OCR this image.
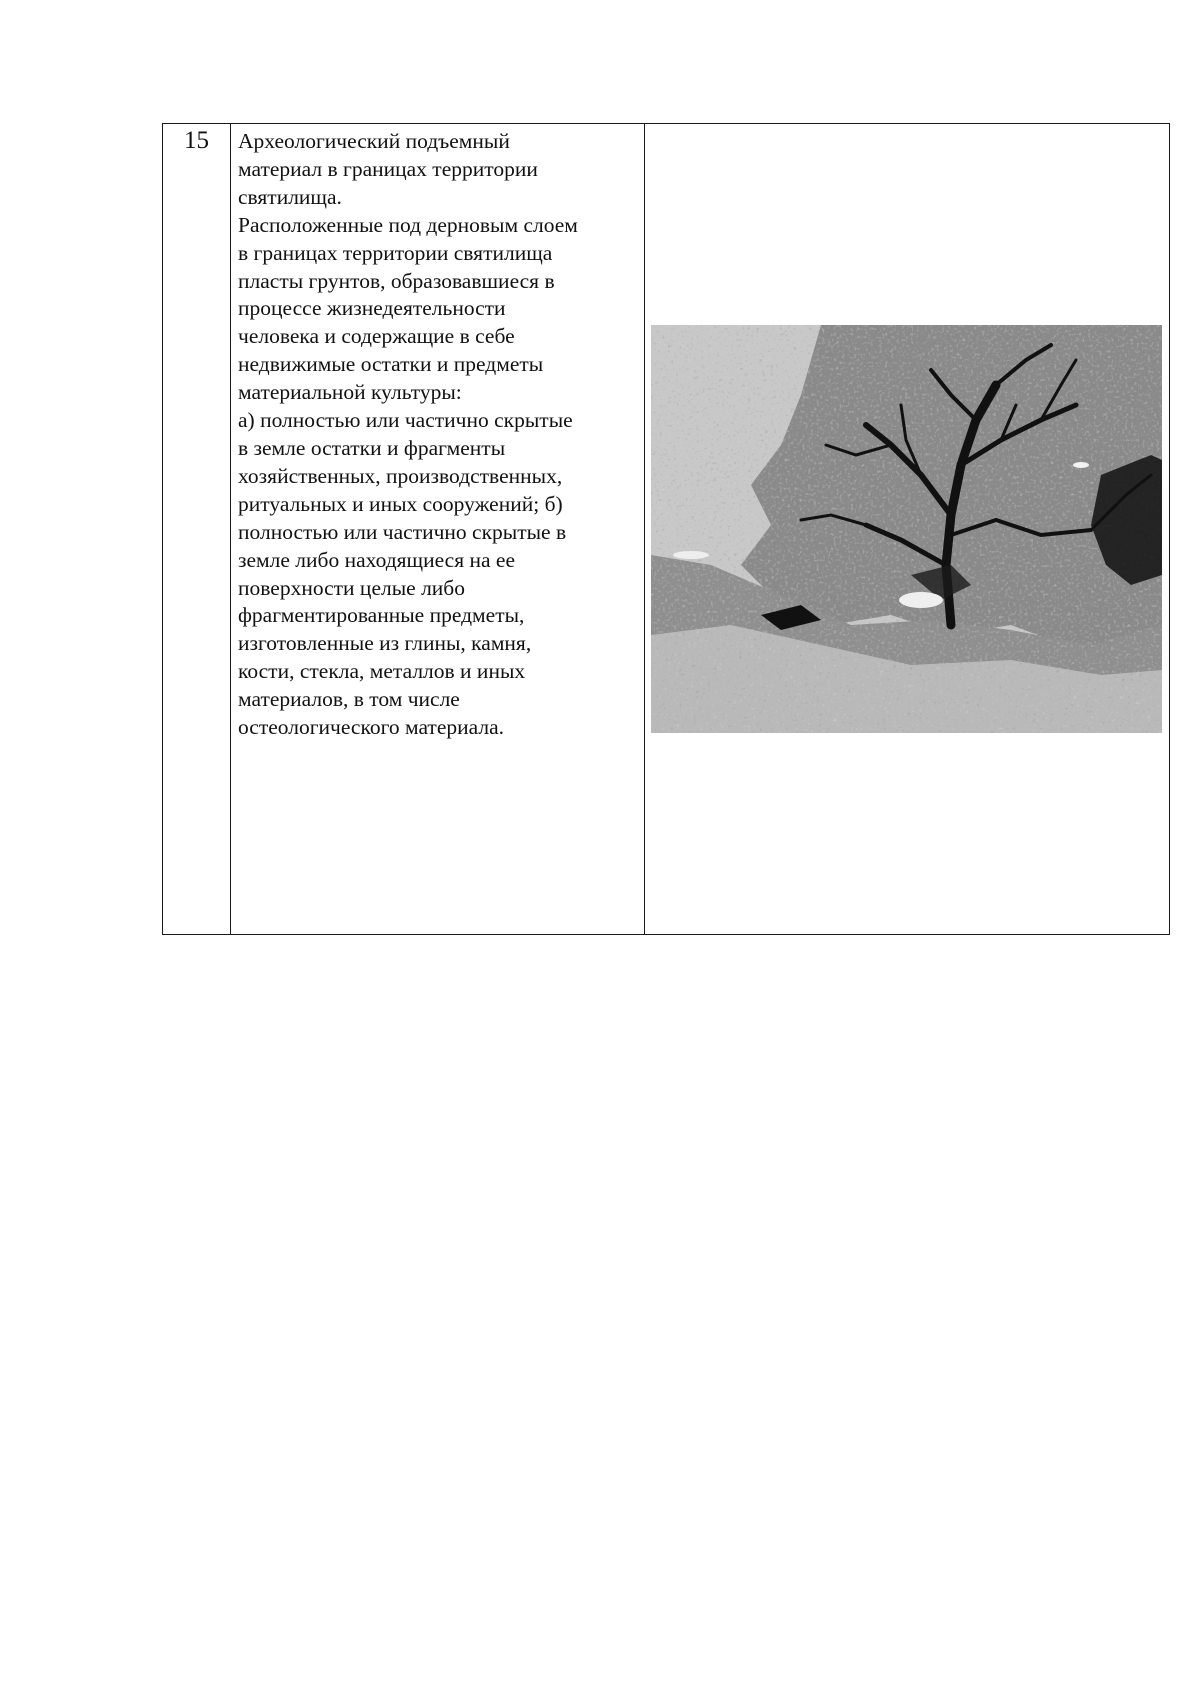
15	Археологический подъемный

материал в границах территории

святилища.

Расположенные под дерновым слоем

в границах территории святилища

пласты грунтов, образовавшиеся в

процессе жизнедеятельности

человека и содержащие в себе

недвижимые остатки и предметы

материальной культуры:

а) полностью или частично скрытые

в земле остатки и фрагменты

хозяйственных, производственных,

ритуальных и иных сооружений; б)

полностью или частично скрытые в

земле либо находящиеся на ее

поверхности целые либо

фрагментированные предметы,

изготовленные из глины, камня,

кости, стекла, металлов и иных

материалов, в том числе

остеологического материала.
